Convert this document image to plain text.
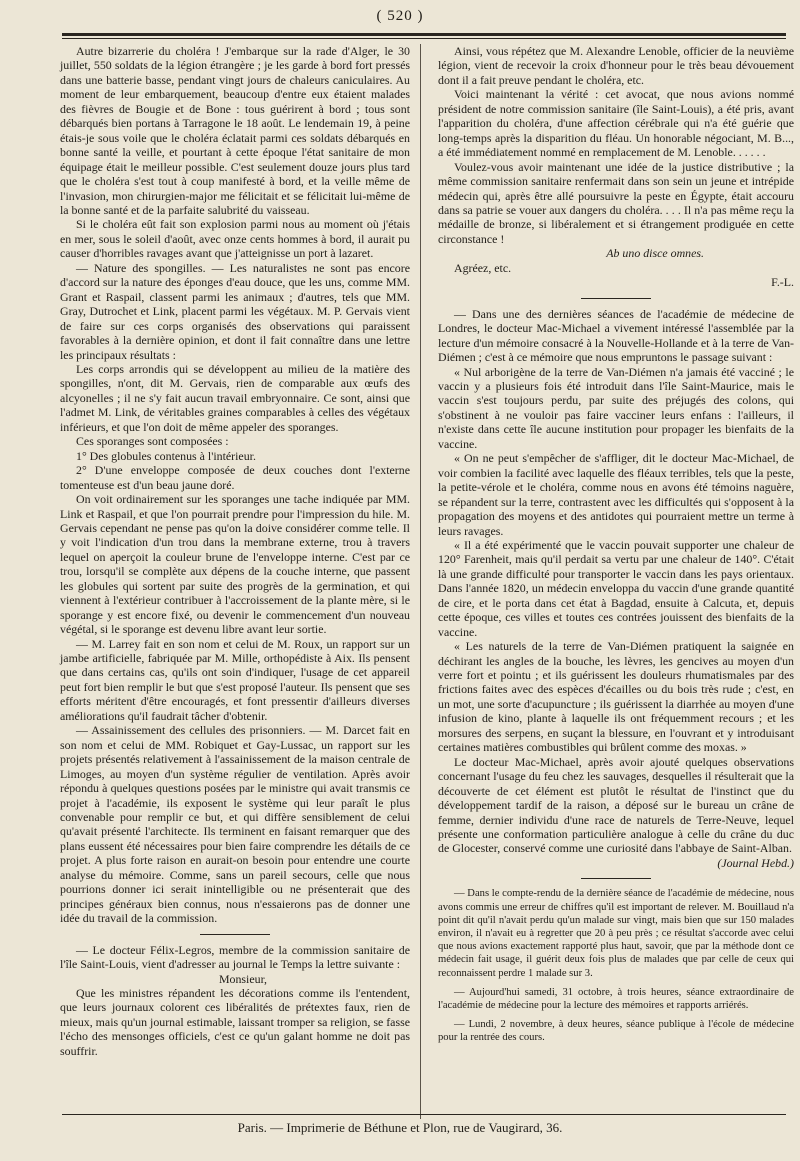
( 520 )

Autre bizarrerie du choléra ! J'embarque sur la rade d'Alger, le 30 juillet, 550 soldats de la légion étrangère ; je les garde à bord fort pressés dans une batterie basse, pendant vingt jours de chaleurs caniculaires. Au moment de leur embarquement, beaucoup d'entre eux étaient malades des fièvres de Bougie et de Bone : tous guérirent à bord ; tous sont débarqués bien portans à Tarragone le 18 août. Le lendemain 19, à peine étais-je sous voile que le choléra éclatait parmi ces soldats débarqués en bonne santé la veille, et pourtant à cette époque l'état sanitaire de mon équipage était le meilleur possible. C'est seulement douze jours plus tard que le choléra s'est tout à coup manifesté à bord, et la veille même de l'invasion, mon chirurgien-major me félicitait et se félicitait lui-même de la bonne santé et de la parfaite salubrité du vaisseau.

Si le choléra eût fait son explosion parmi nous au moment où j'étais en mer, sous le soleil d'août, avec onze cents hommes à bord, il aurait pu causer d'horribles ravages avant que j'atteignisse un port à lazaret.

— Nature des spongilles. — Les naturalistes ne sont pas encore d'accord sur la nature des éponges d'eau douce, que les uns, comme MM. Grant et Raspail, classent parmi les animaux ; d'autres, tels que MM. Gray, Dutrochet et Link, placent parmi les végétaux. M. P. Gervais vient de faire sur ces corps organisés des observations qui paraissent favorables à la dernière opinion, et dont il fait connaître dans une lettre les principaux résultats :

Les corps arrondis qui se développent au milieu de la matière des spongilles, n'ont, dit M. Gervais, rien de comparable aux œufs des alcyonelles ; il ne s'y fait aucun travail embryonnaire. Ce sont, ainsi que l'admet M. Link, de véritables graines comparables à celles des végétaux inférieurs, et que l'on doit de même appeler des sporanges.

Ces sporanges sont composées :

1° Des globules contenus à l'intérieur.

2° D'une enveloppe composée de deux couches dont l'externe tomenteuse est d'un beau jaune doré.

On voit ordinairement sur les sporanges une tache indiquée par MM. Link et Raspail, et que l'on pourrait prendre pour l'impression du hile. M. Gervais cependant ne pense pas qu'on la doive considérer comme telle. Il y voit l'indication d'un trou dans la membrane externe, trou à travers lequel on aperçoit la couleur brune de l'enveloppe interne. C'est par ce trou, lorsqu'il se complète aux dépens de la couche interne, que passent les globules qui sortent par suite des progrès de la germination, et qui viennent à l'extérieur contribuer à l'accroissement de la plante mère, si le sporange y est encore fixé, ou devenir le commencement d'un nouveau végétal, si le sporange est devenu libre avant leur sortie.

— M. Larrey fait en son nom et celui de M. Roux, un rapport sur un jambe artificielle, fabriquée par M. Mille, orthopédiste à Aix. Ils pensent que dans certains cas, qu'ils ont soin d'indiquer, l'usage de cet appareil peut fort bien remplir le but que s'est proposé l'auteur. Ils pensent que ses efforts méritent d'être encouragés, et font pressentir d'ailleurs diverses améliorations qu'il faudrait tâcher d'obtenir.

— Assainissement des cellules des prisonniers. — M. Darcet fait en son nom et celui de MM. Robiquet et Gay-Lussac, un rapport sur les projets présentés relativement à l'assainissement de la maison centrale de Limoges, au moyen d'un système régulier de ventilation. Après avoir répondu à quelques questions posées par le ministre qui avait transmis ce projet à l'académie, ils exposent le système qui leur paraît le plus convenable pour remplir ce but, et qui diffère sensiblement de celui qu'avait présenté l'architecte. Ils terminent en faisant remarquer que des plans eussent été nécessaires pour bien faire comprendre les détails de ce projet. A plus forte raison en aurait-on besoin pour entendre une courte analyse du mémoire. Comme, sans un pareil secours, celle que nous pourrions donner ici serait inintelligible ou ne présenterait que des principes généraux bien connus, nous n'essaierons pas de donner une idée du travail de la commission.

— Le docteur Félix-Legros, membre de la commission sanitaire de l'île Saint-Louis, vient d'adresser au journal le Temps la lettre suivante :

Monsieur,

Que les ministres répandent les décorations comme ils l'entendent, que leurs journaux colorent ces libéralités de prétextes faux, rien de mieux, mais qu'un journal estimable, laissant tromper sa religion, se fasse l'écho des mensonges officiels, c'est ce qu'un galant homme ne doit pas souffrir.

Ainsi, vous répétez que M. Alexandre Lenoble, officier de la neuvième légion, vient de recevoir la croix d'honneur pour le très beau dévouement dont il a fait preuve pendant le choléra, etc.

Voici maintenant la vérité : cet avocat, que nous avions nommé président de notre commission sanitaire (île Saint-Louis), a été pris, avant l'apparition du choléra, d'une affection cérébrale qui n'a été guérie que long-temps après la disparition du fléau. Un honorable négociant, M. B..., a été immédiatement nommé en remplacement de M. Lenoble. . . . . .

Voulez-vous avoir maintenant une idée de la justice distributive ; la même commission sanitaire renfermait dans son sein un jeune et intrépide médecin qui, après être allé poursuivre la peste en Égypte, était accouru dans sa patrie se vouer aux dangers du choléra. . . . Il n'a pas même reçu la médaille de bronze, si libéralement et si étrangement prodiguée en cette circonstance !

Ab uno disce omnes.

Agréez, etc.

F.-L.

— Dans une des dernières séances de l'académie de médecine de Londres, le docteur Mac-Michael a vivement intéressé l'assemblée par la lecture d'un mémoire consacré à la Nouvelle-Hollande et à la terre de Van-Diémen ; c'est à ce mémoire que nous empruntons le passage suivant :

« Nul arborigène de la terre de Van-Diémen n'a jamais été vacciné ; le vaccin y a plusieurs fois été introduit dans l'île Saint-Maurice, mais le vaccin s'est toujours perdu, par suite des préjugés des colons, qui s'obstinent à ne vouloir pas faire vacciner leurs enfans : l'ailleurs, il n'existe dans cette île aucune institution pour propager les bienfaits de la vaccine.

« On ne peut s'empêcher de s'affliger, dit le docteur Mac-Michael, de voir combien la facilité avec laquelle des fléaux terribles, tels que la peste, la petite-vérole et le choléra, comme nous en avons été témoins naguère, se répandent sur la terre, contrastent avec les difficultés qui s'opposent à la propagation des moyens et des antidotes qui pourraient mettre un terme à leurs ravages.

« Il a été expérimenté que le vaccin pouvait supporter une chaleur de 120° Farenheit, mais qu'il perdait sa vertu par une chaleur de 140°. C'était là une grande difficulté pour transporter le vaccin dans les pays orientaux. Dans l'année 1820, un médecin enveloppa du vaccin d'une grande quantité de cire, et le porta dans cet état à Bagdad, ensuite à Calcuta, et, depuis cette époque, ces villes et toutes ces contrées jouissent des bienfaits de la vaccine.

« Les naturels de la terre de Van-Diémen pratiquent la saignée en déchirant les angles de la bouche, les lèvres, les gencives au moyen d'un verre fort et pointu ; et ils guérissent les douleurs rhumatismales par des frictions faites avec des espèces d'écailles ou du bois très rude ; c'est, en un mot, une sorte d'acupuncture ; ils guérissent la diarrhée au moyen d'une infusion de kino, plante à laquelle ils ont fréquemment recours ; et les morsures des serpens, en suçant la blessure, en l'ouvrant et y introduisant certaines matières combustibles qui brûlent comme des moxas. »

Le docteur Mac-Michael, après avoir ajouté quelques observations concernant l'usage du feu chez les sauvages, desquelles il résulterait que la découverte de cet élément est plutôt le résultat de l'instinct que du développement tardif de la raison, a déposé sur le bureau un crâne de femme, dernier individu d'une race de naturels de Terre-Neuve, lequel présente une conformation particulière analogue à celle du crâne du duc de Glocester, conservé comme une curiosité dans l'abbaye de Saint-Alban.

(Journal Hebd.)

— Dans le compte-rendu de la dernière séance de l'académie de médecine, nous avons commis une erreur de chiffres qu'il est important de relever. M. Bouillaud n'a point dit qu'il n'avait perdu qu'un malade sur vingt, mais bien que sur 150 malades environ, il n'avait eu à regretter que 20 à peu près ; ce résultat s'accorde avec celui que nous avions exactement rapporté plus haut, savoir, que par la méthode dont ce médecin fait usage, il guérit deux fois plus de malades que par celle de ceux qui reconnaissent perdre 1 malade sur 3.

— Aujourd'hui samedi, 31 octobre, à trois heures, séance extraordinaire de l'académie de médecine pour la lecture des mémoires et rapports arriérés.

— Lundi, 2 novembre, à deux heures, séance publique à l'école de médecine pour la rentrée des cours.

Paris. — Imprimerie de Béthune et Plon, rue de Vaugirard, 36.
